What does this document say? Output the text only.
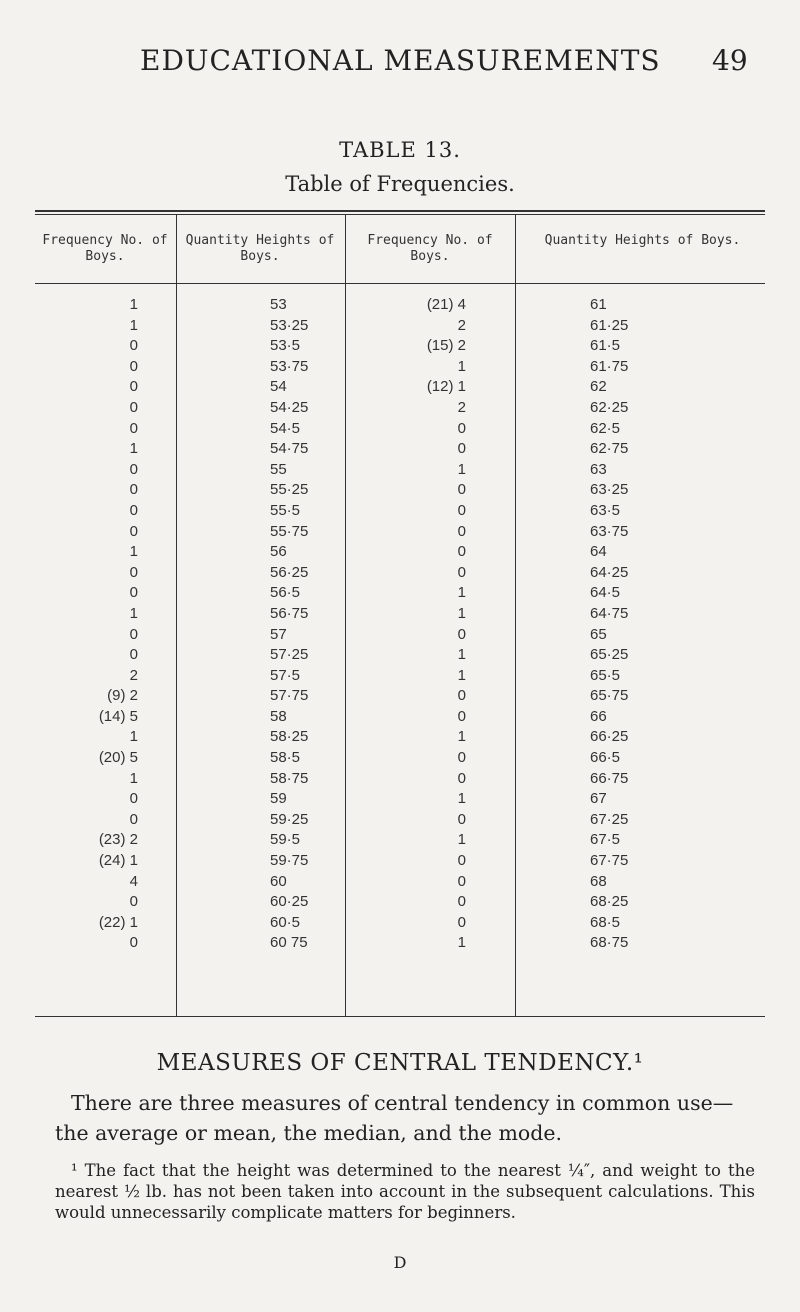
EDUCATIONAL MEASUREMENTS 49
TABLE 13.
Table of Frequencies.
Frequency No. of Boys.
Quantity Heights of Boys.
Frequency No. of Boys.
Quantity Heights of Boys.
1	53	(21) 4	61
1	53·25	2	61·25
0	53·5	(15) 2	61·5
0	53·75	1	61·75
0	54	(12) 1	62
0	54·25	2	62·25
0	54·5	0	62·5
1	54·75	0	62·75
0	55	1	63
0	55·25	0	63·25
0	55·5	0	63·5
0	55·75	0	63·75
1	56	0	64
0	56·25	0	64·25
0	56·5	1	64·5
1	56·75	1	64·75
0	57	0	65
0	57·25	1	65·25
2	57·5	1	65·5
(9) 2	57·75	0	65·75
(14) 5	58	0	66
1	58·25	1	66·25
(20) 5	58·5	0	66·5
1	58·75	0	66·75
0	59	1	67
0	59·25	0	67·25
(23) 2	59·5	1	67·5
(24) 1	59·75	0	67·75
4	60	0	68
0	60·25	0	68·25
(22) 1	60·5	0	68·5
0	60 75	1	68·75
MEASURES OF CENTRAL TENDENCY.¹
There are three measures of central tendency in common use—the average or mean, the median, and the mode.
¹ The fact that the height was determined to the nearest ¼″, and weight to the nearest ½ lb. has not been taken into account in the subsequent calculations. This would unnecessarily complicate matters for beginners.
D
